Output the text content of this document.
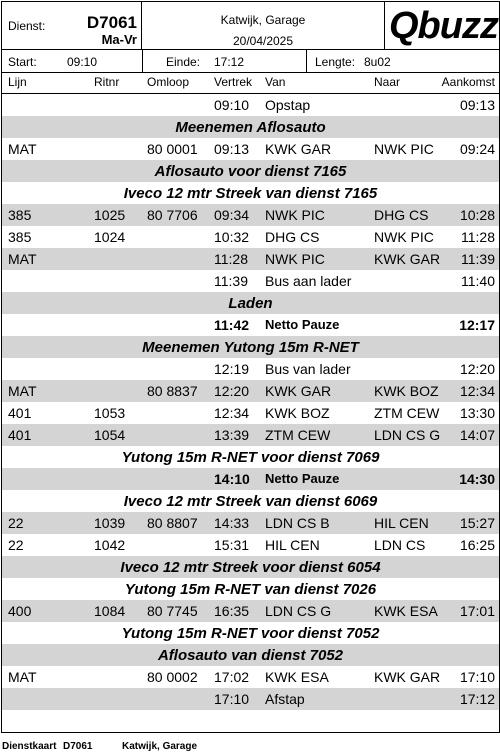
Dienst: D7061
Ma-Vr
Katwijk, Garage
20/04/2025	Qbuzz
Start:	09:10	Einde: 17:12	Lengte: 8u02
Lijn	Ritnr Omloop Vertrek Van	Naar	Aankomst
09:10 Opstap	09:13
Meenemen Aflosauto
MAT	80 0001 09:13 KWK GAR	NWK PIC 09:24
Aflosauto voor dienst 7165
Iveco 12 mtr Streek van dienst 7165
385	1025 80 7706 09:34 NWK PIC	DHG CS 10:28
385	1024	10:32 DHG CS	NWK PIC 11:28
MAT	11:28 NWK PIC	KWK GAR 11:39
11:39 Bus aan lader	11:40
Laden
11:42 Netto Pauze	12:17
Meenemen Yutong 15m R-NET
12:19 Bus van lader	12:20
MAT	80 8837 12:20 KWK GAR	KWK BOZ 12:34
401	1053	12:34 KWK BOZ	ZTM CEW 13:30
401	1054	13:39 ZTM CEW	LDN CS G 14:07
Yutong 15m R-NET voor dienst 7069
14:10 Netto Pauze	14:30
Iveco 12 mtr Streek van dienst 6069
22	1039 80 8807 14:33 LDN CS B	HIL CEN 15:27
22	1042	15:31 HIL CEN	LDN CS 16:25
Iveco 12 mtr Streek voor dienst 6054
Yutong 15m R-NET van dienst 7026
400	1084 80 7745 16:35 LDN CS G	KWK ESA 17:01
Yutong 15m R-NET voor dienst 7052
Aflosauto van dienst 7052
MAT	80 0002 17:02 KWK ESA	KWK GAR 17:10
17:10 Afstap	17:12
Dienstkaart D7061	Katwijk, Garage
